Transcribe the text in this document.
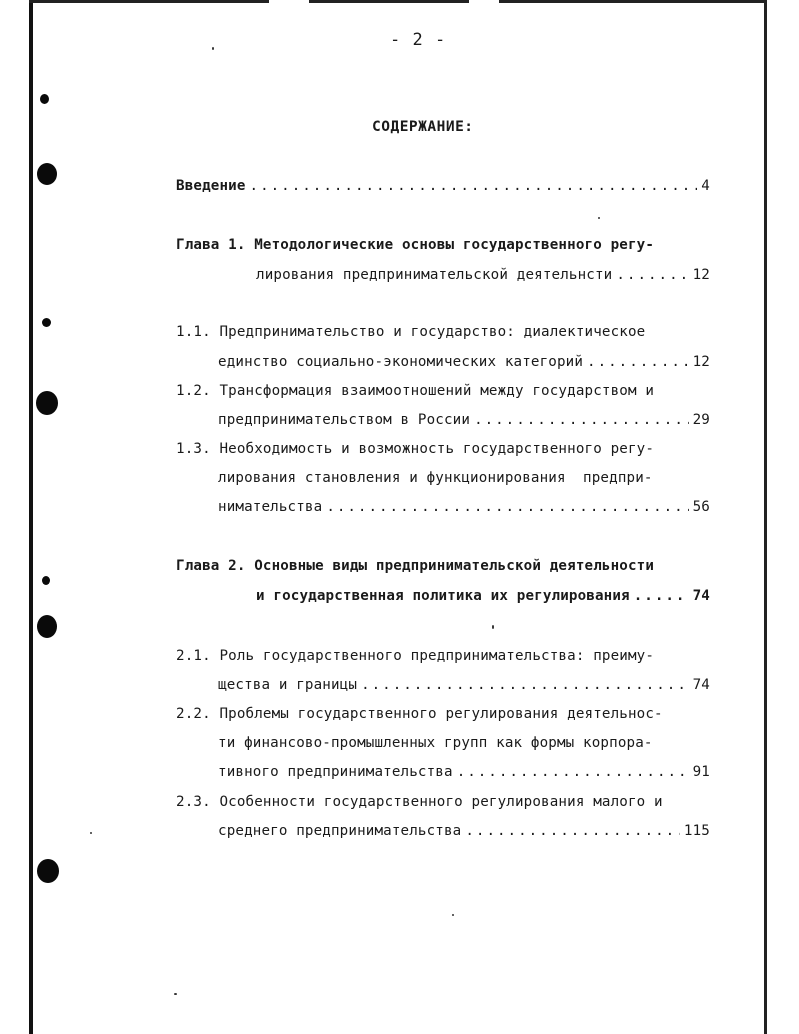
- 2 -
СОДЕРЖАНИЕ:
Введение .....	4
Глава 1. Методологические основы государственного регу-
лирования предпринимательской деятельнсти .....	12
1.1. Предпринимательство и государство: диалектическое
единство социально-экономических категорий .....	12
1.2. Трансформация взаимоотношений между государством и
предпринимательством в России .....	29
1.3. Необходимость и возможность государственного регу-
лирования становления и функционирования  предпри-
нимательства .....	56
Глава 2. Основные виды предпринимательской деятельности
и государственная политика их регулирования .....	74
2.1. Роль государственного предпринимательства: преиму-
щества и границы .....	74
2.2. Проблемы государственного регулирования деятельнос-
ти финансово-промышленных групп как формы корпора-
тивного предпринимательства .....	91
2.3. Особенности государственного регулирования малого и
среднего предпринимательства .....	115
